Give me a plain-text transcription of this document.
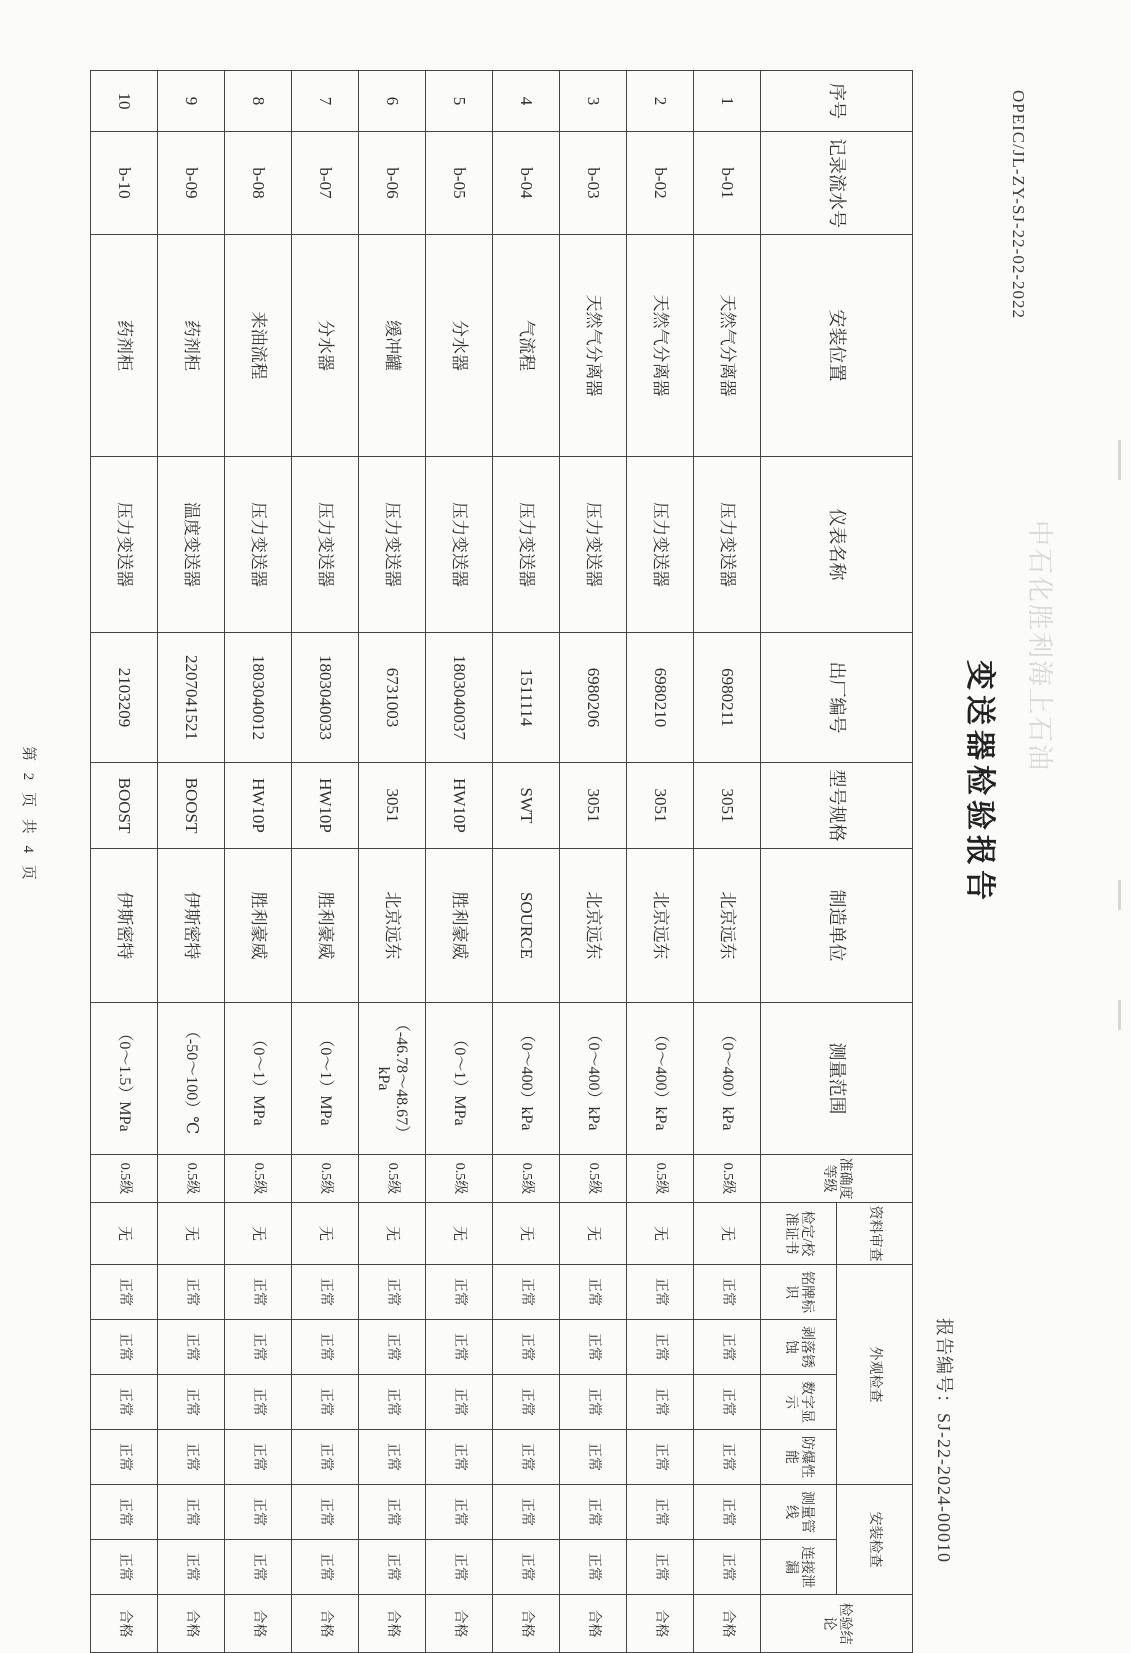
OPEIC/JL-ZY-SJ-22-02-2022
变送器检验报告
报告编号：SJ-22-2024-00010
第 2 页 共 4 页
中石化胜利海上石油
序号	记录流水号	安装位置	仪表名称	出厂编号	型号规格	制造单位	测量范围	准确度等级	资料审查	外观检查				安装检查		检验结论
									检定/校准证书	铭牌标识	剥落锈蚀	数字显示	防爆性能	测量管线	连接泄漏	
1	b-01	天然气分离器	压力变送器	6980211	3051	北京远东	（0～400）kPa	0.5级	无	正常	正常	正常	正常	正常	正常	合格
2	b-02	天然气分离器	压力变送器	6980210	3051	北京远东	（0～400）kPa	0.5级	无	正常	正常	正常	正常	正常	正常	合格
3	b-03	天然气分离器	压力变送器	6980206	3051	北京远东	（0～400）kPa	0.5级	无	正常	正常	正常	正常	正常	正常	合格
4	b-04	气流程	压力变送器	1511114	SWT	SOURCE	（0～400）kPa	0.5级	无	正常	正常	正常	正常	正常	正常	合格
5	b-05	分水器	压力变送器	1803040037	HW10P	胜利豪威	（0～1）MPa	0.5级	无	正常	正常	正常	正常	正常	正常	合格
6	b-06	缓冲罐	压力变送器	6731003	3051	北京远东	（-46.78～48.67）kPa	0.5级	无	正常	正常	正常	正常	正常	正常	合格
7	b-07	分水器	压力变送器	1803040033	HW10P	胜利豪威	（0～1）MPa	0.5级	无	正常	正常	正常	正常	正常	正常	合格
8	b-08	来油流程	压力变送器	1803040012	HW10P	胜利豪威	（0～1）MPa	0.5级	无	正常	正常	正常	正常	正常	正常	合格
9	b-09	药剂柜	温度变送器	2207041521	BOOST	伊斯密特	（-50～100）℃	0.5级	无	正常	正常	正常	正常	正常	正常	合格
10	b-10	药剂柜	压力变送器	2103209	BOOST	伊斯密特	（0～1.5）MPa	0.5级	无	正常	正常	正常	正常	正常	正常	合格
